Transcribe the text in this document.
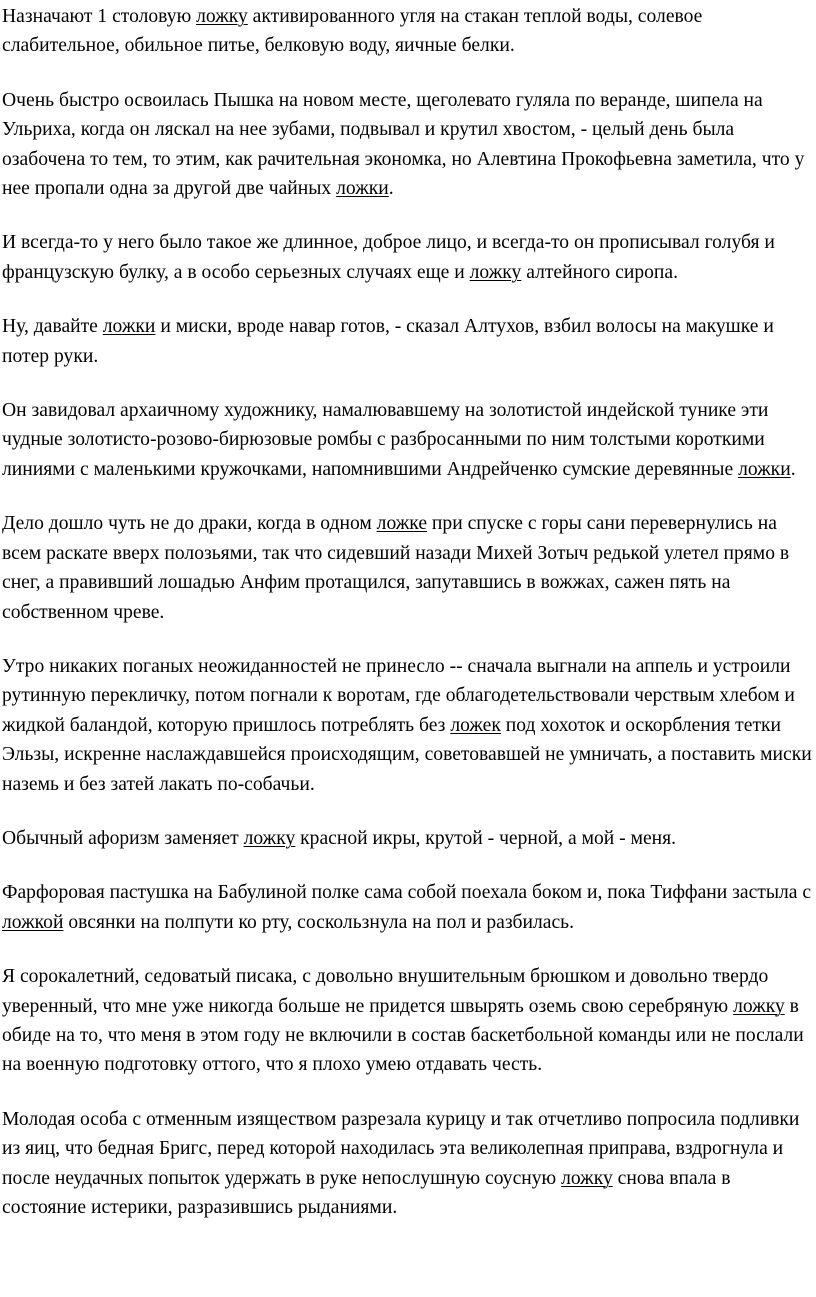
Назначают 1 столовую ложку активированного угля на стакан теплой воды, солевое слабительное, обильное питье, белковую воду, яичные белки.

Очень быстро освоилась Пышка на новом месте, щеголевато гуляла по веранде, шипела на Ульриха, когда он ляскал на нее зубами, подвывал и крутил хвостом, - целый день была озабочена то тем, то этим, как рачительная экономка, но Алевтина Прокофьевна заметила, что у нее пропали одна за другой две чайных ложки.

И всегда-то у него было такое же длинное, доброе лицо, и всегда-то он прописывал голубя и французскую булку, а в особо серьезных случаях еще и ложку алтейного сиропа.

Ну, давайте ложки и миски, вроде навар готов, - сказал Алтухов, взбил волосы на макушке и потер руки.

Он завидовал архаичному художнику, намалювавшему на золотистой индейской тунике эти чудные золотисто-розово-бирюзовые ромбы с разбросанными по ним толстыми короткими линиями с маленькими кружочками, напомнившими Андрейченко сумские деревянные ложки.

Дело дошло чуть не до драки, когда в одном ложке при спуске с горы сани перевернулись на всем раскате вверх полозьями, так что сидевший назади Михей Зотыч редькой улетел прямо в снег, а правивший лошадью Анфим протащился, запутавшись в вожжах, сажен пять на собственном чреве.

Утро никаких поганых неожиданностей не принесло -- сначала выгнали на аппель и устроили рутинную перекличку, потом погнали к воротам, где облагодетельствовали черствым хлебом и жидкой баландой, которую пришлось потреблять без ложек под хохоток и оскорбления тетки Эльзы, искренне наслаждавшейся происходящим, советовавшей не умничать, а поставить миски наземь и без затей лакать по-собачьи.

Обычный афоризм заменяет ложку красной икры, крутой - черной, а мой - меня.

Фарфоровая пастушка на Бабулиной полке сама собой поехала боком и, пока Тиффани застыла с ложкой овсянки на полпути ко рту, соскользнула на пол и разбилась.

Я сорокалетний, седоватый писака, с довольно внушительным брюшком и довольно твердо уверенный, что мне уже никогда больше не придется швырять оземь свою серебряную ложку в обиде на то, что меня в этом году не включили в состав баскетбольной команды или не послали на военную подготовку оттого, что я плохо умею отдавать честь.

Молодая особа с отменным изяществом разрезала курицу и так отчетливо попросила подливки из яиц, что бедная Бригс, перед которой находилась эта великолепная приправа, вздрогнула и после неудачных попыток удержать в руке непослушную соусную ложку снова впала в состояние истерики, разразившись рыданиями.
